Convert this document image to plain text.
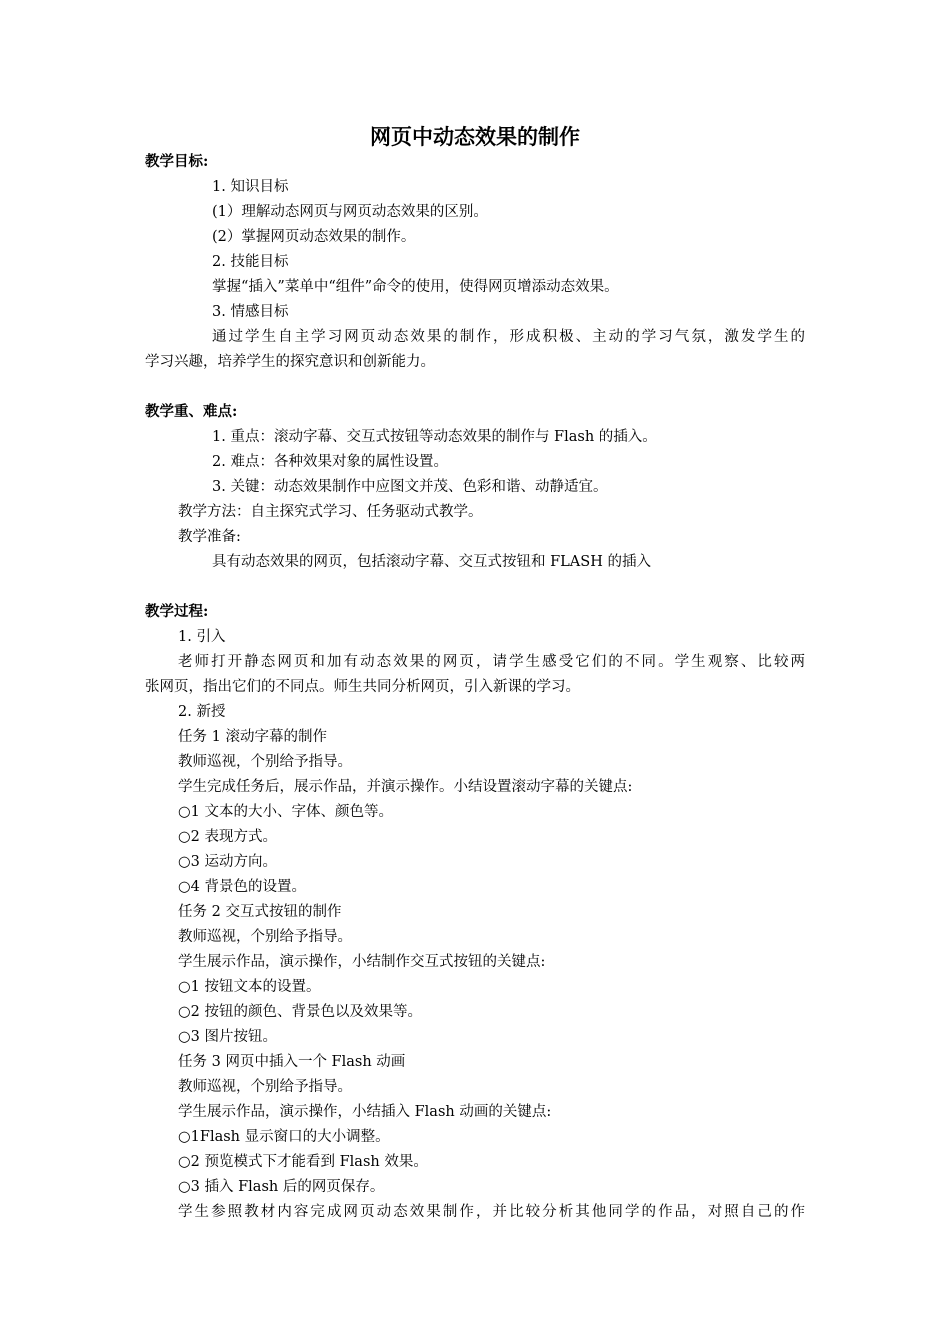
网页中动态效果的制作
教学目标:
1. 知识目标
(1）理解动态网页与网页动态效果的区别。
(2）掌握网页动态效果的制作。
2. 技能目标
掌握“插入”菜单中“组件”命令的使用，使得网页增添动态效果。
3. 情感目标
通过学生自主学习网页动态效果的制作，形成积极、主动的学习气氛，激发学生的
学习兴趣，培养学生的探究意识和创新能力。
教学重、难点:
1. 重点：滚动字幕、交互式按钮等动态效果的制作与 Flash 的插入。
2. 难点：各种效果对象的属性设置。
3. 关键：动态效果制作中应图文并茂、色彩和谐、动静适宜。
教学方法：自主探究式学习、任务驱动式教学。
教学准备:
具有动态效果的网页，包括滚动字幕、交互式按钮和 FLASH 的插入
教学过程:
1. 引入
老师打开静态网页和加有动态效果的网页，请学生感受它们的不同。学生观察、比较两
张网页，指出它们的不同点。师生共同分析网页，引入新课的学习。
2. 新授
任务 1 滚动字幕的制作
教师巡视，个别给予指导。
学生完成任务后，展示作品，并演示操作。小结设置滚动字幕的关键点:
○1 文本的大小、字体、颜色等。
○2 表现方式。
○3 运动方向。
○4 背景色的设置。
任务 2 交互式按钮的制作
教师巡视，个别给予指导。
学生展示作品，演示操作，小结制作交互式按钮的关键点:
○1 按钮文本的设置。
○2 按钮的颜色、背景色以及效果等。
○3 图片按钮。
任务 3 网页中插入一个 Flash 动画
教师巡视，个别给予指导。
学生展示作品，演示操作，小结插入 Flash 动画的关键点:
○1Flash 显示窗口的大小调整。
○2 预览模式下才能看到 Flash 效果。
○3 插入 Flash 后的网页保存。
学生参照教材内容完成网页动态效果制作，并比较分析其他同学的作品，对照自己的作
